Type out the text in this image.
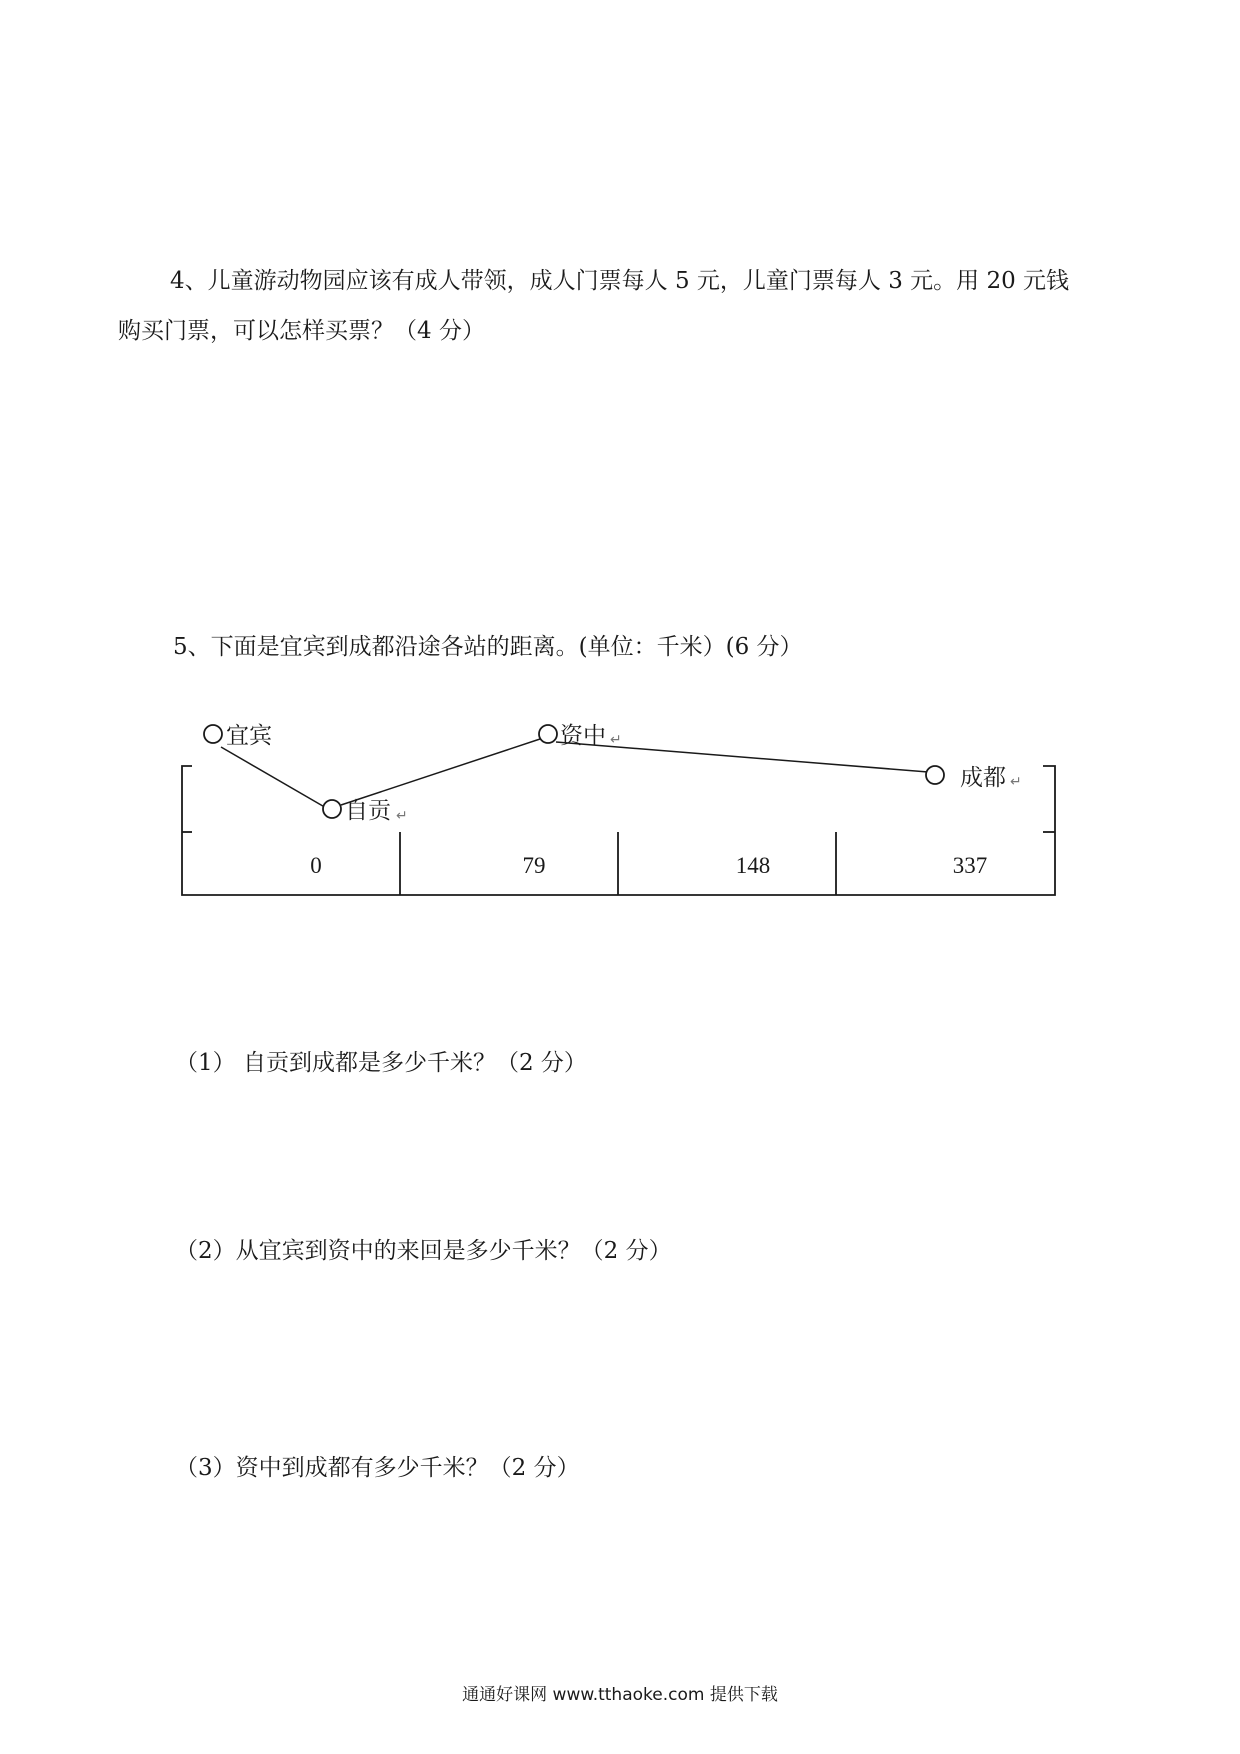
4、儿童游动物园应该有成人带领，成人门票每人 5 元，儿童门票每人 3 元。用 20 元钱
购买门票，可以怎样买票？（4 分）
5、下面是宜宾到成都沿途各站的距离。(单位：千米）(6 分）
宜宾
自贡 ↵
资中 ↵
成都 ↵
0	79	148	337
（1） 自贡到成都是多少千米？（2 分）
（2）从宜宾到资中的来回是多少千米？（2 分）
（3）资中到成都有多少千米？（2 分）
通通好课网 www.tthaoke.com 提供下载
